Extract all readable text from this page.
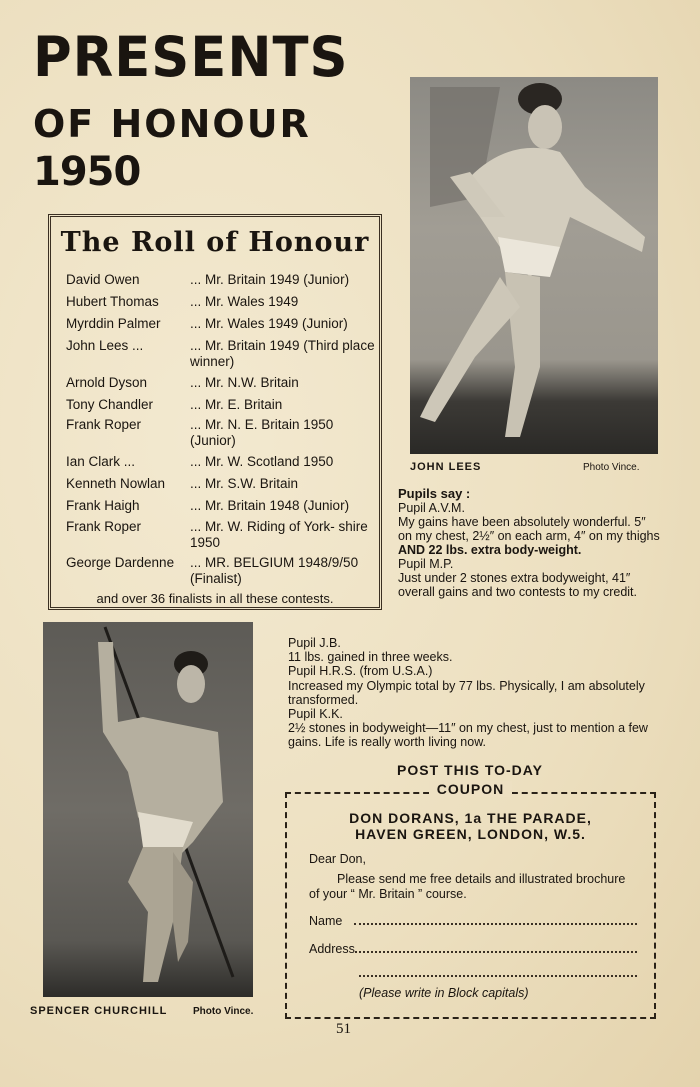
PRESENTS
OF HONOUR
1950
The Roll of Honour
David Owen	... Mr. Britain 1949 (Junior)
Hubert Thomas	... Mr. Wales 1949
Myrddin Palmer	... Mr. Wales 1949 (Junior)
John Lees ...	... Mr. Britain 1949 (Third place winner)
Arnold Dyson	... Mr. N.W. Britain
Tony Chandler	... Mr. E. Britain
Frank Roper	... Mr. N. E. Britain 1950 (Junior)
Ian Clark ...	... Mr. W. Scotland 1950
Kenneth Nowlan	... Mr. S.W. Britain
Frank Haigh	... Mr. Britain 1948 (Junior)
Frank Roper	... Mr. W. Riding of York- shire 1950
George Dardenne	... MR. BELGIUM 1948/9/50 (Finalist)
and over 36 finalists in all these contests.
JOHN LEES	Photo Vince.
Pupils say :
Pupil A.V.M.
My gains have been absolutely wonderful. 5″ on my chest, 2½″ on each arm, 4″ on my thighs AND 22 lbs. extra body-weight.
Pupil M.P.
Just under 2 stones extra bodyweight, 41″ overall gains and two contests to my credit.
SPENCER CHURCHILL	Photo Vince.
Pupil J.B.
11 lbs. gained in three weeks.
Pupil H.R.S. (from U.S.A.)
Increased my Olympic total by 77 lbs. Physically, I am absolutely transformed.
Pupil K.K.
2½ stones in bodyweight—11″ on my chest, just to mention a few gains. Life is really worth living now.
POST THIS TO-DAY
COUPON
DON DORANS, 1a THE PARADE,
HAVEN GREEN, LONDON, W.5.
Dear Don,
Please send me free details and illustrated brochure of your “ Mr. Britain ” course.
Name
Address
(Please write in Block capitals)
51
